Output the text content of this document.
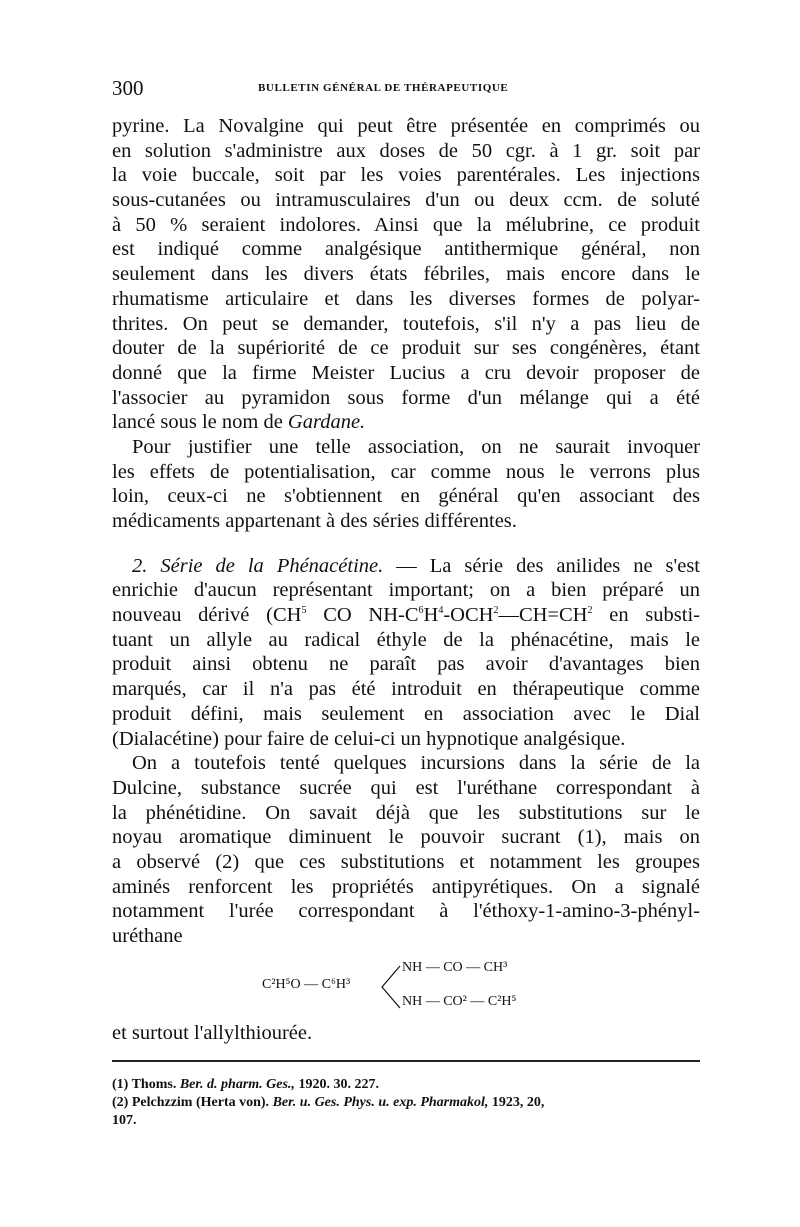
300	BULLETIN GÉNÉRAL DE THÉRAPEUTIQUE
pyrine. La Novalgine qui peut être présentée en comprimés ou
en solution s'administre aux doses de 50 cgr. à 1 gr. soit par
la voie buccale, soit par les voies parentérales. Les injections
sous-cutanées ou intramusculaires d'un ou deux ccm. de soluté
à 50 % seraient indolores. Ainsi que la mélubrine, ce produit
est indiqué comme analgésique antithermique général, non
seulement dans les divers états fébriles, mais encore dans le
rhumatisme articulaire et dans les diverses formes de polyar-
thrites. On peut se demander, toutefois, s'il n'y a pas lieu de
douter de la supériorité de ce produit sur ses congénères, étant
donné que la firme Meister Lucius a cru devoir proposer de
l'associer au pyramidon sous forme d'un mélange qui a été
lancé sous le nom de Gardane.
Pour justifier une telle association, on ne saurait invoquer
les effets de potentialisation, car comme nous le verrons plus
loin, ceux-ci ne s'obtiennent en général qu'en associant des
médicaments appartenant à des séries différentes.
2. Série de la Phénacétine. — La série des anilides ne s'est
enrichie d'aucun représentant important; on a bien préparé un
nouveau dérivé ($CH^5$ CO $NH-C^6H^4-OCH^2—CH=CH^2$ en substi-
tuant un allyle au radical éthyle de la phénacétine, mais le
produit ainsi obtenu ne paraît pas avoir d'avantages bien
marqués, car il n'a pas été introduit en thérapeutique comme
produit défini, mais seulement en association avec le Dial
(Dialacétine) pour faire de celui-ci un hypnotique analgésique.
On a toutefois tenté quelques incursions dans la série de la
Dulcine, substance sucrée qui est l'uréthane correspondant à
la phénétidine. On savait déjà que les substitutions sur le
noyau aromatique diminuent le pouvoir sucrant (1), mais on
a observé (2) que ces substitutions et notamment les groupes
aminés renforcent les propriétés antipyrétiques. On a signalé
notamment l'urée correspondant à l'éthoxy-1-amino-3-phényl-
uréthane
C²H⁵O — C⁶H³
NH — CO — CH³
NH — CO² — C²H⁵
et surtout l'allylthiourée.
(1) Thoms. Ber. d. pharm. Ges., 1920. 30. 227.
(2) Pelchzzim (Herta von). Ber. u. Ges. Phys. u. exp. Pharmakol, 1923, 20,
107.
